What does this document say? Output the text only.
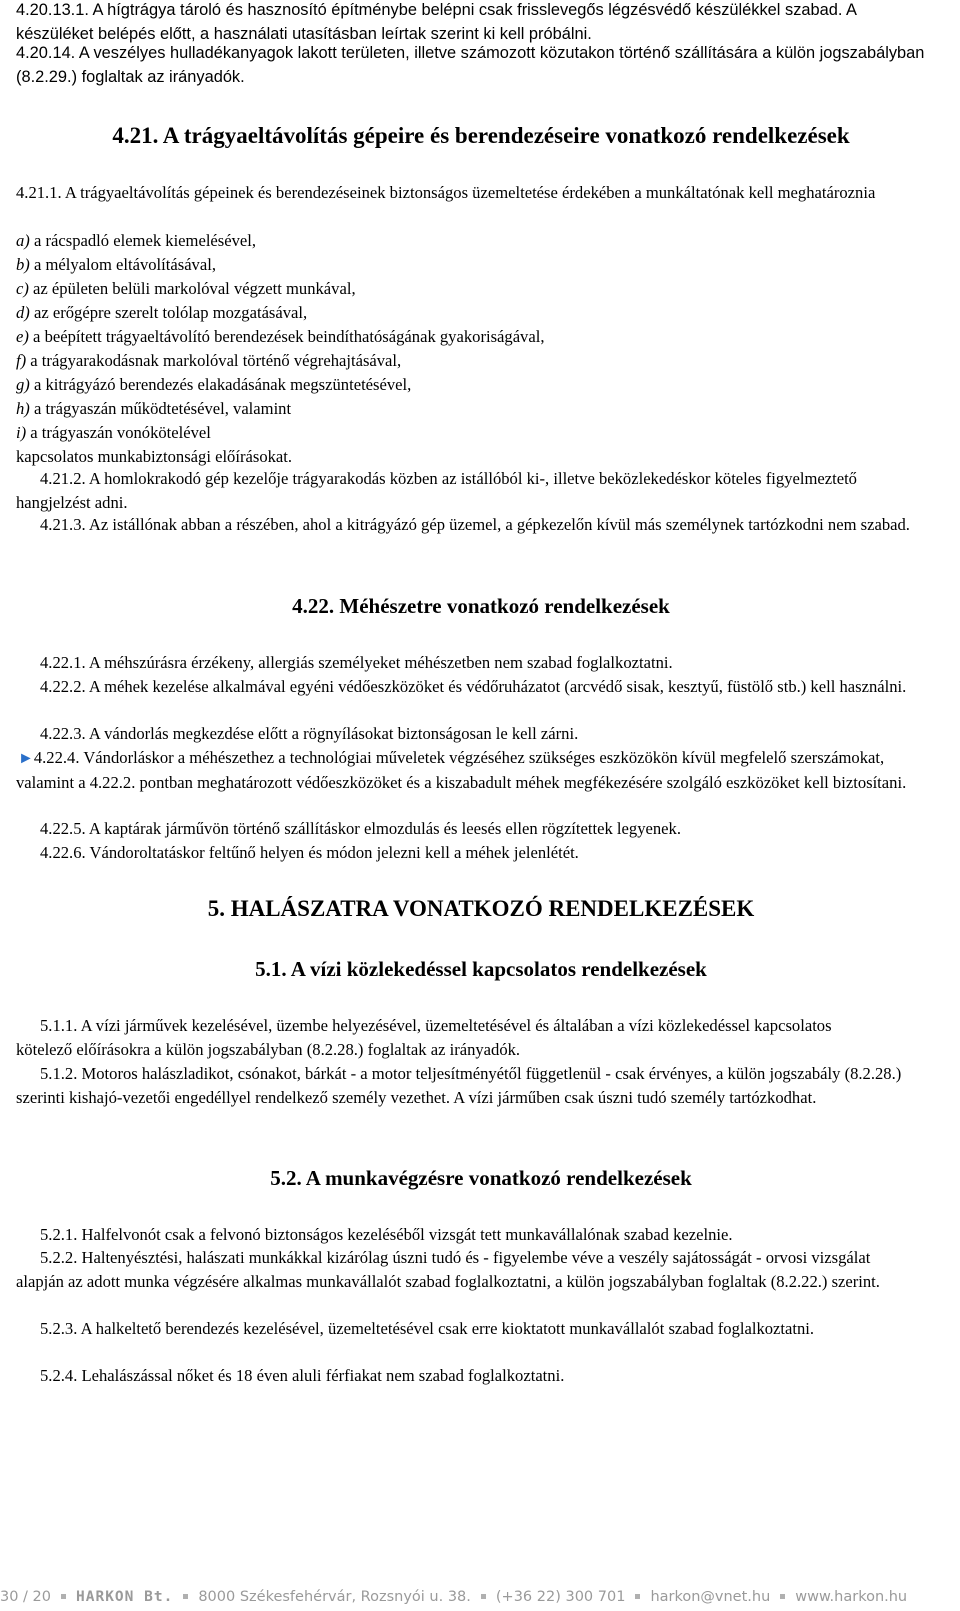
4.20.13.1. A hígtrágya tároló és hasznosító építménybe belépni csak frisslevegős légzésvédő készülékkel szabad. A készüléket belépés előtt, a használati utasításban leírtak szerint ki kell próbálni.

4.20.14. A veszélyes hulladékanyagok lakott területen, illetve számozott közutakon történő szállítására a külön jogszabályban (8.2.29.) foglaltak az irányadók.

4.21. A trágyaeltávolítás gépeire és berendezéseire vonatkozó rendelkezések

4.21.1. A trágyaeltávolítás gépeinek és berendezéseinek biztonságos üzemeltetése érdekében a munkáltatónak kell meghatároznia

a) a rácspadló elemek kiemelésével,

b) a mélyalom eltávolításával,

c) az épületen belüli markolóval végzett munkával,

d) az erőgépre szerelt tolólap mozgatásával,

e) a beépített trágyaeltávolító berendezések beindíthatóságának gyakoriságával,

f) a trágyarakodásnak markolóval történő végrehajtásával,

g) a kitrágyázó berendezés elakadásának megszüntetésével,

h) a trágyaszán működtetésével, valamint

i) a trágyaszán vonókötelével

kapcsolatos munkabiztonsági előírásokat.

4.21.2. A homlokrakodó gép kezelője trágyarakodás közben az istállóból ki-, illetve beközlekedéskor köteles figyelmeztető hangjelzést adni.

4.21.3. Az istállónak abban a részében, ahol a kitrágyázó gép üzemel, a gépkezelőn kívül más személynek tartózkodni nem szabad.

4.22. Méhészetre vonatkozó rendelkezések

4.22.1. A méhszúrásra érzékeny, allergiás személyeket méhészetben nem szabad foglalkoztatni.

4.22.2. A méhek kezelése alkalmával egyéni védőeszközöket és védőruházatot (arcvédő sisak, kesztyű, füstölő stb.) kell használni.

4.22.3. A vándorlás megkezdése előtt a rögnyílásokat biztonságosan le kell zárni.

►4.22.4. Vándorláskor a méhészethez a technológiai műveletek végzéséhez szükséges eszközökön kívül megfelelő szerszámokat, valamint a 4.22.2. pontban meghatározott védőeszközöket és a kiszabadult méhek megfékezésére szolgáló eszközöket kell biztosítani.

4.22.5. A kaptárak járművön történő szállításkor elmozdulás és leesés ellen rögzítettek legyenek.

4.22.6. Vándoroltatáskor feltűnő helyen és módon jelezni kell a méhek jelenlétét.

5. HALÁSZATRA VONATKOZÓ RENDELKEZÉSEK
5.1. A vízi közlekedéssel kapcsolatos rendelkezések

5.1.1. A vízi járművek kezelésével, üzembe helyezésével, üzemeltetésével és általában a vízi közlekedéssel kapcsolatos kötelező előírásokra a külön jogszabályban (8.2.28.) foglaltak az irányadók.

5.1.2. Motoros halászladikot, csónakot, bárkát - a motor teljesítményétől függetlenül - csak érvényes, a külön jogszabály (8.2.28.) szerinti kishajó-vezetői engedéllyel rendelkező személy vezethet. A vízi járműben csak úszni tudó személy tartózkodhat.

5.2. A munkavégzésre vonatkozó rendelkezések

5.2.1. Halfelvonót csak a felvonó biztonságos kezeléséből vizsgát tett munkavállalónak szabad kezelnie.

5.2.2. Haltenyésztési, halászati munkákkal kizárólag úszni tudó és - figyelembe véve a veszély sajátosságát - orvosi vizsgálat alapján az adott munka végzésére alkalmas munkavállalót szabad foglalkoztatni, a külön jogszabályban foglaltak (8.2.22.) szerint.

5.2.3. A halkeltető berendezés kezelésével, üzemeltetésével csak erre kioktatott munkavállalót szabad foglalkoztatni.

5.2.4. Lehalászással nőket és 18 éven aluli férfiakat nem szabad foglalkoztatni.

30 / 20 HARKON Bt. 8000 Székesfehérvár, Rozsnyói u. 38. (+36 22) 300 701 harkon@vnet.hu www.harkon.hu
